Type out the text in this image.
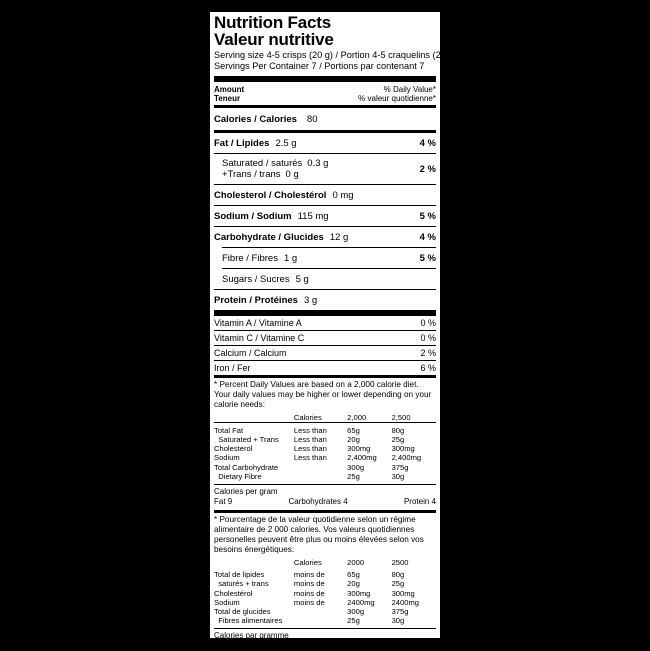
Nutrition Facts
Valeur nutritive
Serving size 4-5 crisps (20 g) / Portion 4-5 craquelins (20 g)
Servings Per Container 7 / Portions par contenant 7
Amount
Teneur
% Daily Value*
% valeur quotidienne*
Calories / Calories 80
Fat / Lipides 2.5 g	4 %
Saturated / saturés 0.3 g
+Trans / trans 0 g	2 %
Cholesterol / Cholestérol 0 mg
Sodium / Sodium 115 mg	5 %
Carbohydrate / Glucides 12 g	4 %
Fibre / Fibres 1 g	5 %
Sugars / Sucres 5 g
Protein / Protéines 3 g
Vitamin A / Vitamine A	0 %
Vitamin C / Vitamine C	0 %
Calcium / Calcium	2 %
Iron / Fer	6 %
* Percent Daily Values are based on a 2,000 calorie diet. Your daily values may be higher or lower depending on your calorie needs:
	Calories	2,000	2,500

Total Fat	Less than	65g	80g
Saturated + Trans	Less than	20g	25g
Cholesterol	Less than	300mg	300mg
Sodium	Less than	2,400mg	2,400mg
Total Carbohydrate		300g	375g
Dietary Fibre		25g	30g
Calories per gram
Fat 9	Carbohydrates 4	Protein 4
* Pourcentage de la valeur quotidienne selon un régime alimentaire de 2 000 calories. Vos valeurs quotidiennes personelles peuvent être plus ou moins élevées selon vos besoins énergétiques:
	Calories	2000	2500

Total de lipides	moins de	65g	80g
saturés + trans	moins de	20g	25g
Cholestérol	moins de	300mg	300mg
Sodium	moins de	2400mg	2400mg
Total de glucides		300g	375g
Fibres alimentaires		25g	30g
Calories par gramme
Lipides 9	Glucides 4	Protéines 4
